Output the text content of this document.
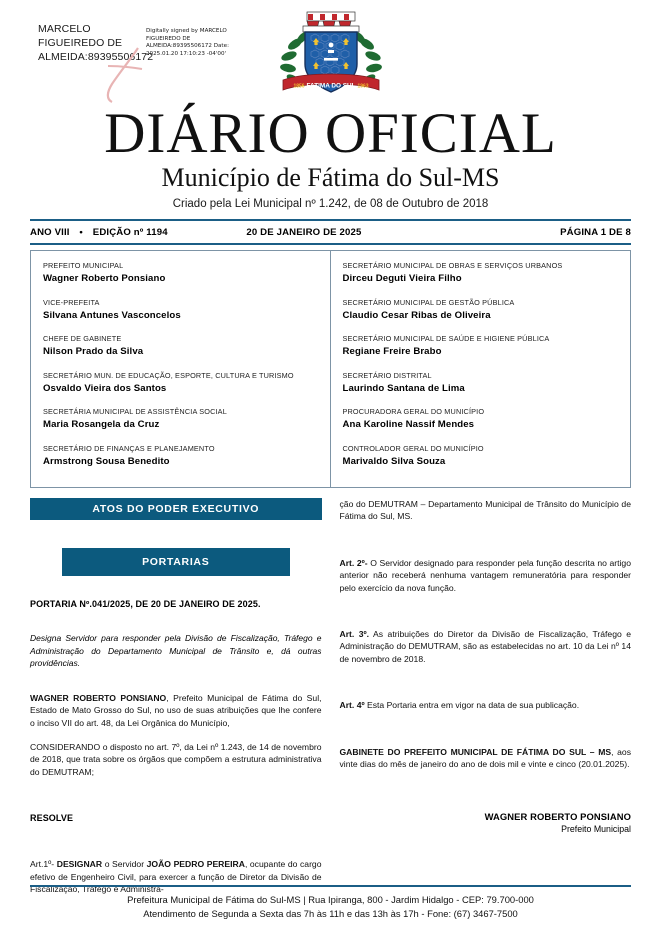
MARCELO FIGUEIREDO DE ALMEIDA:89395506172
Digitally signed by MARCELO FIGUEIREDO DE ALMEIDA:89395506172 Date: 2025.01.20 17:10:23 -04'00'
FATIMA DO SUL
1856	1963
DIÁRIO OFICIAL
Município de Fátima do Sul-MS
Criado pela Lei Municipal nº 1.242, de 08 de Outubro de 2018
ANO VIII • EDIÇÃO nº 1194	20 DE JANEIRO DE 2025	PÁGINA 1 DE 8
PREFEITO MUNICIPAL
Wagner Roberto Ponsiano
VICE-PREFEITA
Silvana Antunes Vasconcelos
CHEFE DE GABINETE
Nilson Prado da Silva
SECRETÁRIO MUN. DE EDUCAÇÃO, ESPORTE, CULTURA E TURISMO
Osvaldo Vieira dos Santos
SECRETÁRIA MUNICIPAL DE ASSISTÊNCIA SOCIAL
Maria Rosangela da Cruz
SECRETÁRIO DE FINANÇAS E PLANEJAMENTO
Armstrong Sousa Benedito
SECRETÁRIO MUNICIPAL DE OBRAS E SERVIÇOS URBANOS
Dirceu Deguti Vieira Filho
SECRETÁRIO MUNICIPAL DE GESTÃO PÚBLICA
Claudio Cesar Ribas de Oliveira
SECRETÁRIO MUNICIPAL DE SAÚDE E HIGIENE PÚBLICA
Regiane Freire Brabo
SECRETÁRIO DISTRITAL
Laurindo Santana de Lima
PROCURADORA GERAL DO MUNICÍPIO
Ana Karoline Nassif Mendes
CONTROLADOR GERAL DO MUNICÍPIO
Marivaldo Silva Souza
ATOS DO PODER EXECUTIVO
PORTARIAS
PORTARIA Nº.041/2025, DE 20 DE JANEIRO DE 2025.
Designa Servidor para responder pela Divisão de Fiscalização, Tráfego e Administração do Departamento Municipal de Trânsito e, dá outras providências.

WAGNER ROBERTO PONSIANO, Prefeito Municipal de Fátima do Sul, Estado de Mato Grosso do Sul, no uso de suas atribuições que lhe confere o inciso VII do art. 48, da Lei Orgânica do Município,

CONSIDERANDO o disposto no art. 7º, da Lei nº 1.243, de 14 de novembro de 2018, que trata sobre os órgãos que compõem a estrutura administrativa do DEMUTRAM;

RESOLVE

Art.1º- DESIGNAR o Servidor JOÃO PEDRO PEREIRA, ocupante do cargo efetivo de Engenheiro Civil, para exercer a função de Diretor da Divisão de Fiscalização, Tráfego e Administra-

ção do DEMUTRAM – Departamento Municipal de Trânsito do Município de Fátima do Sul, MS.

Art. 2º- O Servidor designado para responder pela função descrita no artigo anterior não receberá nenhuma vantagem remuneratória para responder pelo exercício da nova função.

Art. 3º. As atribuições do Diretor da Divisão de Fiscalização, Tráfego e Administração do DEMUTRAM, são as estabelecidas no art. 10 da Lei nº 14 de novembro de 2018.

Art. 4º Esta Portaria entra em vigor na data de sua publicação.

GABINETE DO PREFEITO MUNICIPAL DE FÁTIMA DO SUL – MS, aos vinte dias do mês de janeiro do ano de dois mil e vinte e cinco (20.01.2025).

WAGNER ROBERTO PONSIANO
Prefeito Municipal
Prefeitura Municipal de Fátima do Sul-MS | Rua Ipiranga, 800 - Jardim Hidalgo - CEP: 79.700-000
Atendimento de Segunda a Sexta das 7h às 11h e das 13h às 17h - Fone: (67) 3467-7500
